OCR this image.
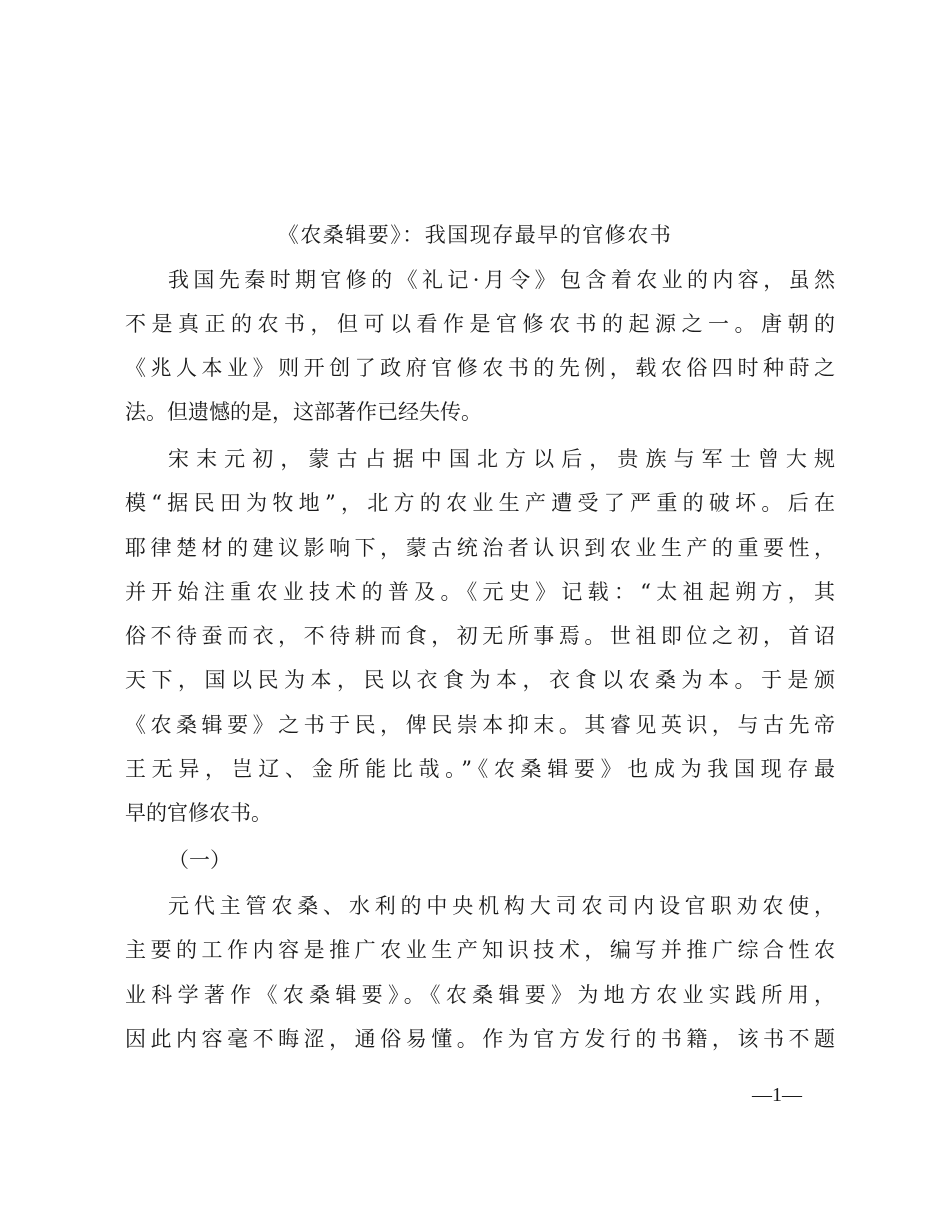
《农桑辑要》：我国现存最早的官修农书
我国先秦时期官修的《礼记·月令》包含着农业的内容，虽然
不是真正的农书，但可以看作是官修农书的起源之一。唐朝的
《兆人本业》则开创了政府官修农书的先例，载农俗四时种莳之
法。但遗憾的是，这部著作已经失传。
宋末元初，蒙古占据中国北方以后，贵族与军士曾大规
模“据民田为牧地”，北方的农业生产遭受了严重的破坏。后在
耶律楚材的建议影响下，蒙古统治者认识到农业生产的重要性，
并开始注重农业技术的普及。《元史》记载：“太祖起朔方，其
俗不待蚕而衣，不待耕而食，初无所事焉。世祖即位之初，首诏
天下，国以民为本，民以衣食为本，衣食以农桑为本。于是颁
《农桑辑要》之书于民，俾民崇本抑末。其睿见英识，与古先帝
王无异，岂辽、金所能比哉。”《农桑辑要》也成为我国现存最
早的官修农书。
（一）
元代主管农桑、水利的中央机构大司农司内设官职劝农使，
主要的工作内容是推广农业生产知识技术，编写并推广综合性农
业科学著作《农桑辑要》。《农桑辑要》为地方农业实践所用，
因此内容毫不晦涩，通俗易懂。作为官方发行的书籍，该书不题
—1—
